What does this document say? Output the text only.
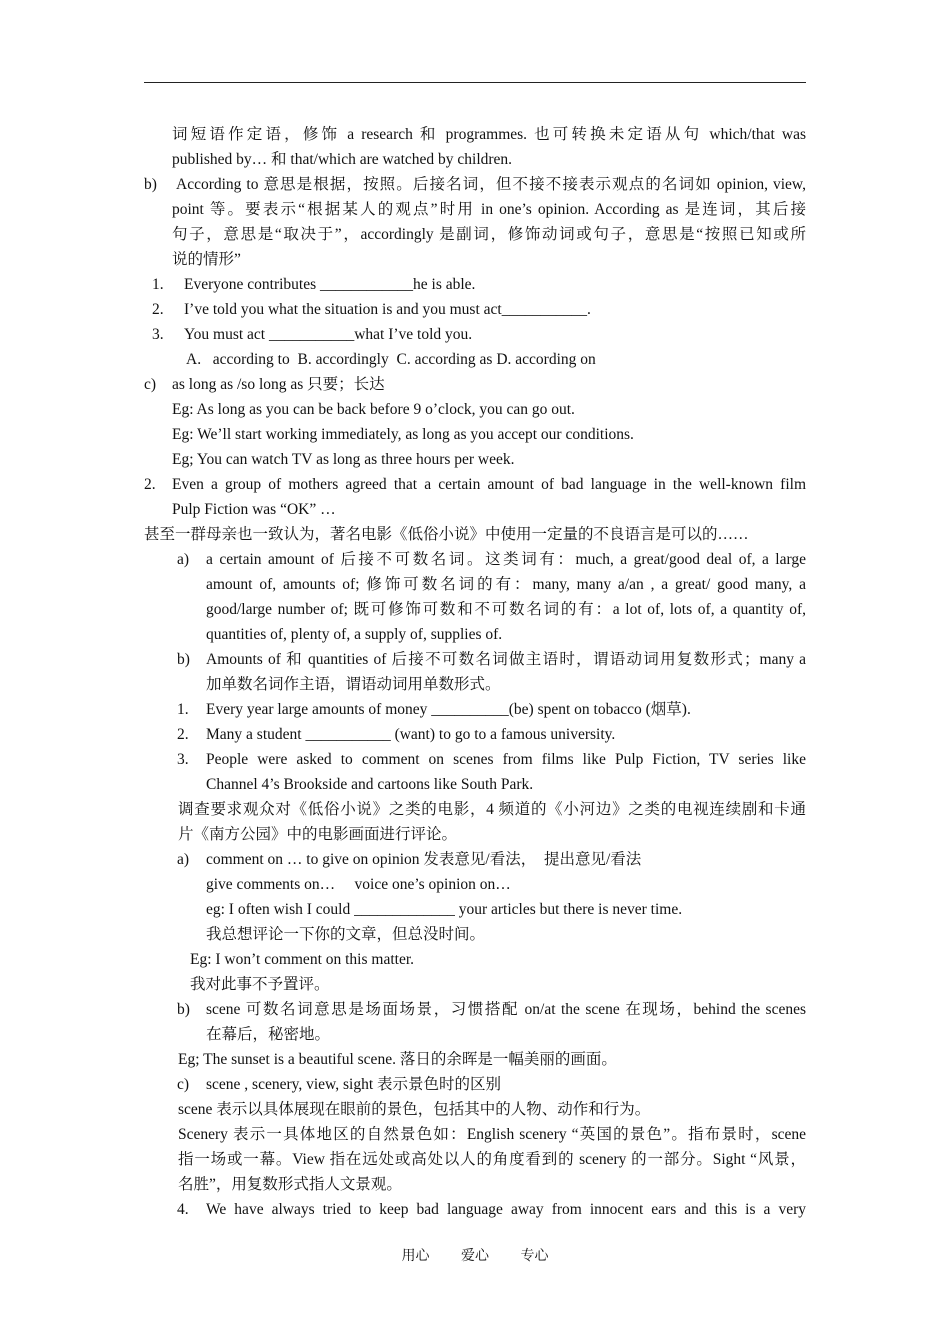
词短语作定语，修饰 a research 和 programmes. 也可转换未定语从句 which/that was
published by… 和 that/which are watched by children.
b) According to 意思是根据，按照。后接名词，但不接不接表示观点的名词如 opinion, view,
point 等。要表示“根据某人的观点”时用 in one’s opinion. According as 是连词，其后接
句子，意思是“取决于”，accordingly 是副词，修饰动词或句子，意思是“按照已知或所
说的情形”
1. Everyone contributes ____________he is able.
2. I’ve told you what the situation is and you must act___________.
3. You must act ___________what I’ve told you.
A.   according to  B. accordingly  C. according as D. according on
c) as long as /so long as 只要；长达
Eg: As long as you can be back before 9 o’clock, you can go out.
Eg: We’ll start working immediately, as long as you accept our conditions.
Eg; You can watch TV as long as three hours per week.
2. Even a group of mothers agreed that a certain amount of bad language in the well-known film
Pulp Fiction was “OK” …
甚至一群母亲也一致认为，著名电影《低俗小说》中使用一定量的不良语言是可以的……
a) a certain amount of 后接不可数名词。这类词有：much, a great/good deal of, a large
amount of, amounts of; 修饰可数名词的有：many, many a/an , a great/ good many, a
good/large number of; 既可修饰可数和不可数名词的有：a lot of, lots of, a quantity of,
quantities of, plenty of, a supply of, supplies of.
b) Amounts of 和 quantities of 后接不可数名词做主语时，谓语动词用复数形式；many a
加单数名词作主语，谓语动词用单数形式。
1. Every year large amounts of money __________(be) spent on tobacco (烟草).
2. Many a student ___________ (want) to go to a famous university.
3. People were asked to comment on scenes from films like Pulp Fiction, TV series like
Channel 4’s Brookside and cartoons like South Park.
调查要求观众对《低俗小说》之类的电影，4 频道的《小河边》之类的电视连续剧和卡通
片《南方公园》中的电影画面进行评论。
a) comment on … to give on opinion 发表意见/看法，  提出意见/看法
give comments on…     voice one’s opinion on…
eg: I often wish I could _____________ your articles but there is never time.
我总想评论一下你的文章，但总没时间。
Eg: I won’t comment on this matter.
我对此事不予置评。
b) scene 可数名词意思是场面场景，习惯搭配 on/at the scene 在现场，behind the scenes
在幕后，秘密地。
Eg; The sunset is a beautiful scene. 落日的余晖是一幅美丽的画面。
c) scene , scenery, view, sight 表示景色时的区别
scene 表示以具体展现在眼前的景色，包括其中的人物、动作和行为。
Scenery 表示一具体地区的自然景色如：English scenery “英国的景色”。指布景时，scene
指一场或一幕。View 指在远处或高处以人的角度看到的 scenery 的一部分。Sight “风景，
名胜”，用复数形式指人文景观。
4. We have always tried to keep bad language away from innocent ears and this is a very
用心 爱心 专心
